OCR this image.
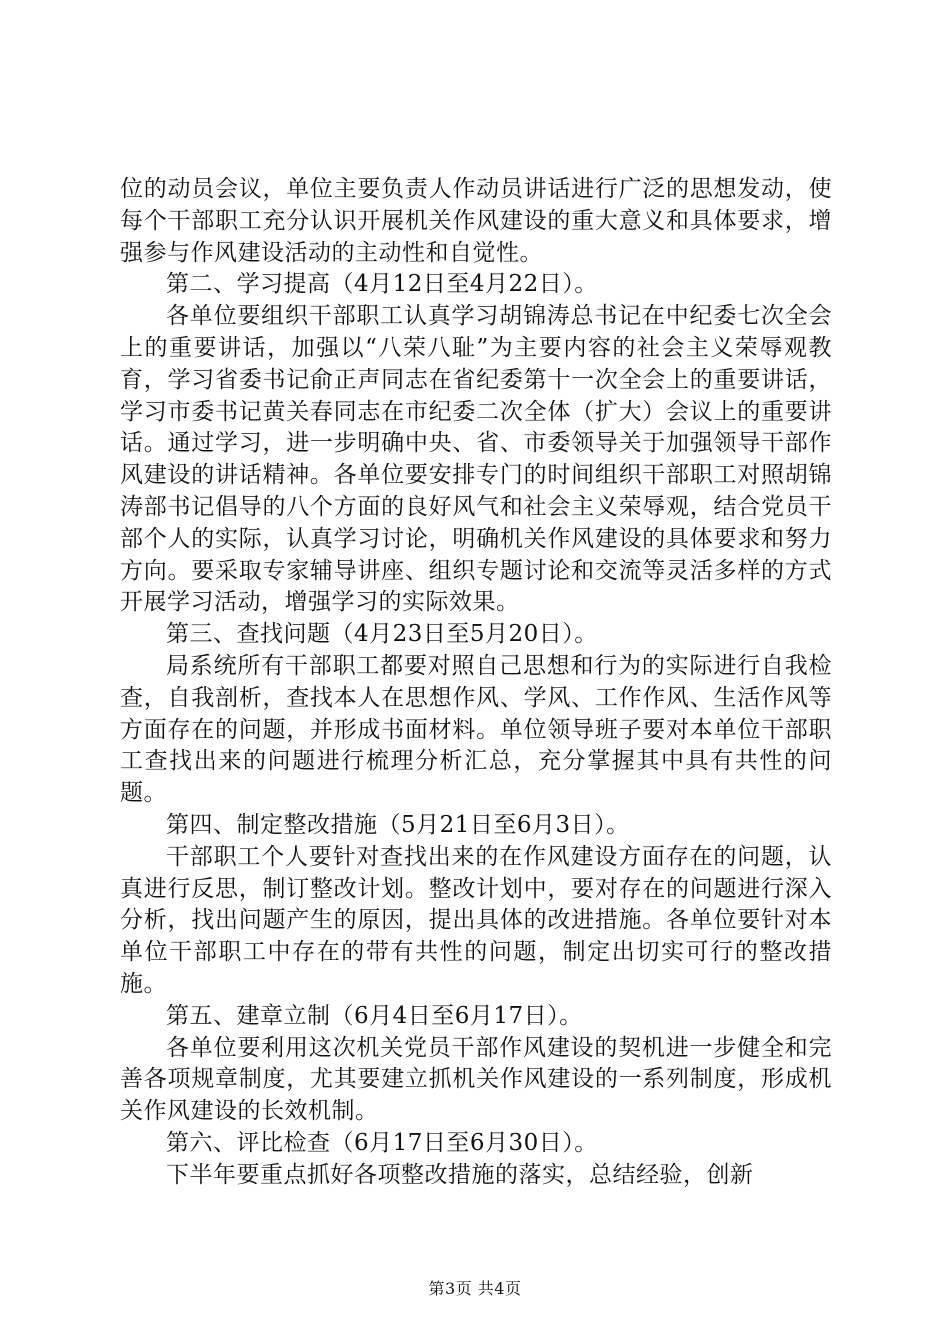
位的动员会议，单位主要负责人作动员讲话进行广泛的思想发动，使每个干部职工充分认识开展机关作风建设的重大意义和具体要求，增强参与作风建设活动的主动性和自觉性。

第二、学习提高（4月12日至4月22日）。

各单位要组织干部职工认真学习胡锦涛总书记在中纪委七次全会上的重要讲话，加强以“八荣八耻”为主要内容的社会主义荣辱观教育，学习省委书记俞正声同志在省纪委第十一次全会上的重要讲话，学习市委书记黄关春同志在市纪委二次全体（扩大）会议上的重要讲话。通过学习，进一步明确中央、省、市委领导关于加强领导干部作风建设的讲话精神。各单位要安排专门的时间组织干部职工对照胡锦涛部书记倡导的八个方面的良好风气和社会主义荣辱观，结合党员干部个人的实际，认真学习讨论，明确机关作风建设的具体要求和努力方向。要采取专家辅导讲座、组织专题讨论和交流等灵活多样的方式开展学习活动，增强学习的实际效果。

第三、查找问题（4月23日至5月20日）。

局系统所有干部职工都要对照自己思想和行为的实际进行自我检查，自我剖析，查找本人在思想作风、学风、工作作风、生活作风等方面存在的问题，并形成书面材料。单位领导班子要对本单位干部职工查找出来的问题进行梳理分析汇总，充分掌握其中具有共性的问题。

第四、制定整改措施（5月21日至6月3日）。

干部职工个人要针对查找出来的在作风建设方面存在的问题，认真进行反思，制订整改计划。整改计划中，要对存在的问题进行深入分析，找出问题产生的原因，提出具体的改进措施。各单位要针对本单位干部职工中存在的带有共性的问题，制定出切实可行的整改措施。

第五、建章立制（6月4日至6月17日）。

各单位要利用这次机关党员干部作风建设的契机进一步健全和完善各项规章制度，尤其要建立抓机关作风建设的一系列制度，形成机关作风建设的长效机制。

第六、评比检查（6月17日至6月30日）。

下半年要重点抓好各项整改措施的落实，总结经验，创新

第3页 共4页
